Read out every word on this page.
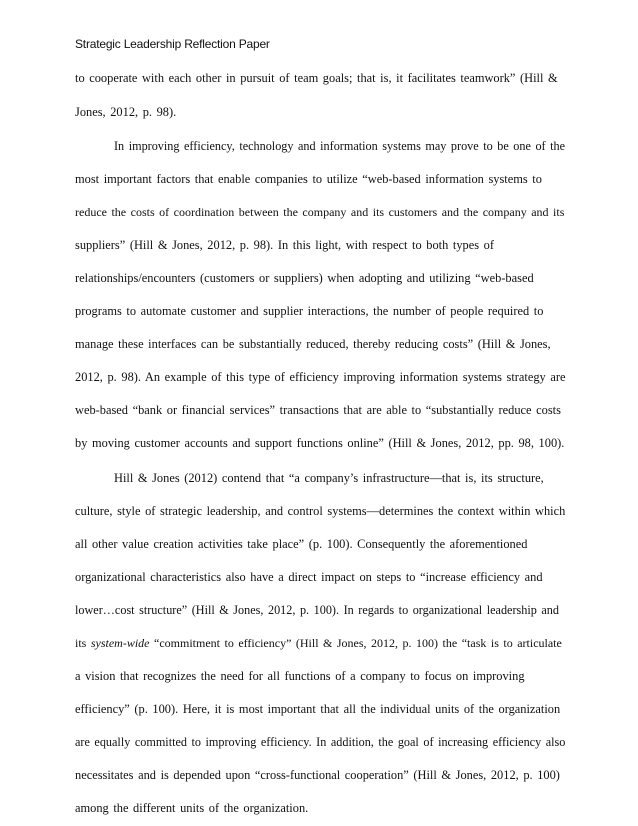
Strategic Leadership Reflection Paper
to cooperate with each other in pursuit of team goals; that is, it facilitates teamwork” (Hill &
Jones, 2012, p. 98).
In improving efficiency, technology and information systems may prove to be one of the
most important factors that enable companies to utilize “web-based information systems to
reduce the costs of coordination between the company and its customers and the company and its
suppliers” (Hill & Jones, 2012, p. 98). In this light, with respect to both types of
relationships/encounters (customers or suppliers) when adopting and utilizing “web-based
programs to automate customer and supplier interactions, the number of people required to
manage these interfaces can be substantially reduced, thereby reducing costs” (Hill & Jones,
2012, p. 98). An example of this type of efficiency improving information systems strategy are
web-based “bank or financial services” transactions that are able to “substantially reduce costs
by moving customer accounts and support functions online” (Hill & Jones, 2012, pp. 98, 100).
Hill & Jones (2012) contend that “a company’s infrastructure—that is, its structure,
culture, style of strategic leadership, and control systems—determines the context within which
all other value creation activities take place” (p. 100). Consequently the aforementioned
organizational characteristics also have a direct impact on steps to “increase efficiency and
lower…cost structure” (Hill & Jones, 2012, p. 100). In regards to organizational leadership and
its system-wide “commitment to efficiency” (Hill & Jones, 2012, p. 100) the “task is to articulate
a vision that recognizes the need for all functions of a company to focus on improving
efficiency” (p. 100). Here, it is most important that all the individual units of the organization
are equally committed to improving efficiency. In addition, the goal of increasing efficiency also
necessitates and is depended upon “cross-functional cooperation” (Hill & Jones, 2012, p. 100)
among the different units of the organization.
